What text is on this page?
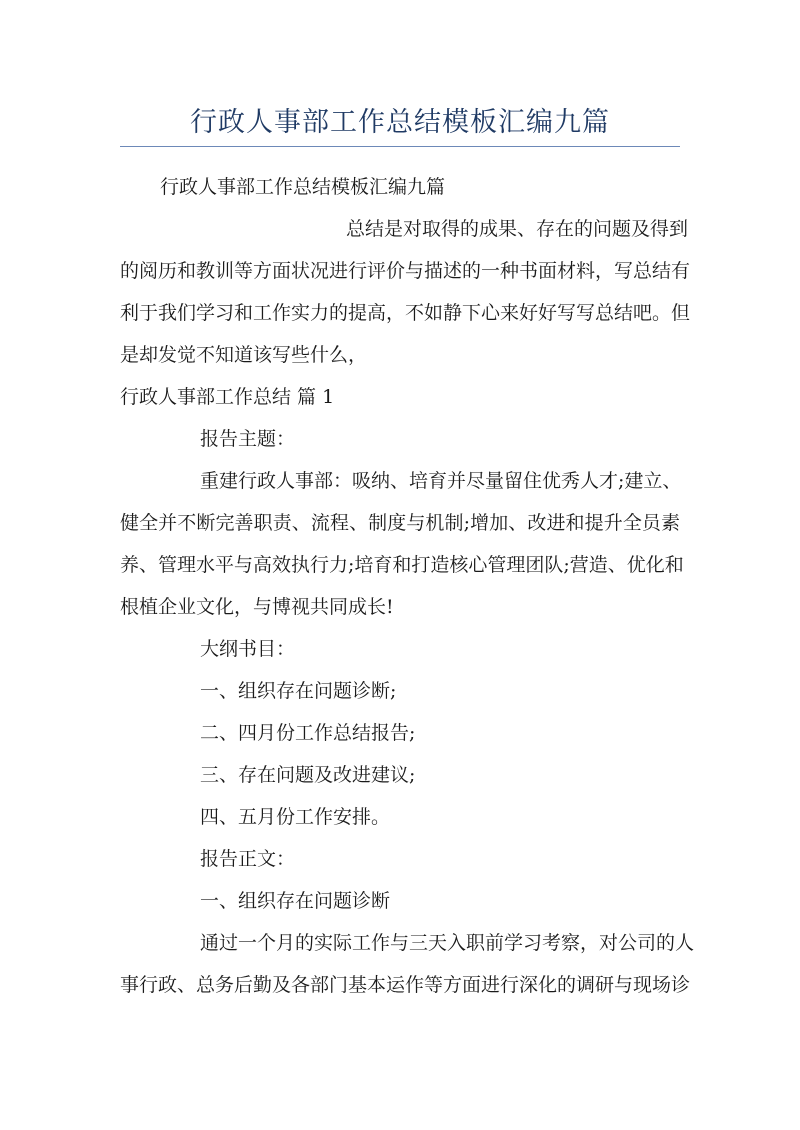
行政人事部工作总结模板汇编九篇
行政人事部工作总结模板汇编九篇
总结是对取得的成果、存在的问题及得到
的阅历和教训等方面状况进行评价与描述的一种书面材料，写总结有
利于我们学习和工作实力的提高，不如静下心来好好写写总结吧。但
是却发觉不知道该写些什么，
行政人事部工作总结 篇 1
报告主题：
重建行政人事部：吸纳、培育并尽量留住优秀人才;建立、
健全并不断完善职责、流程、制度与机制;增加、改进和提升全员素
养、管理水平与高效执行力;培育和打造核心管理团队;营造、优化和
根植企业文化，与博视共同成长!
大纲书目：
一、组织存在问题诊断;
二、四月份工作总结报告;
三、存在问题及改进建议;
四、五月份工作安排。
报告正文：
一、组织存在问题诊断
通过一个月的实际工作与三天入职前学习考察，对公司的人
事行政、总务后勤及各部门基本运作等方面进行深化的调研与现场诊
